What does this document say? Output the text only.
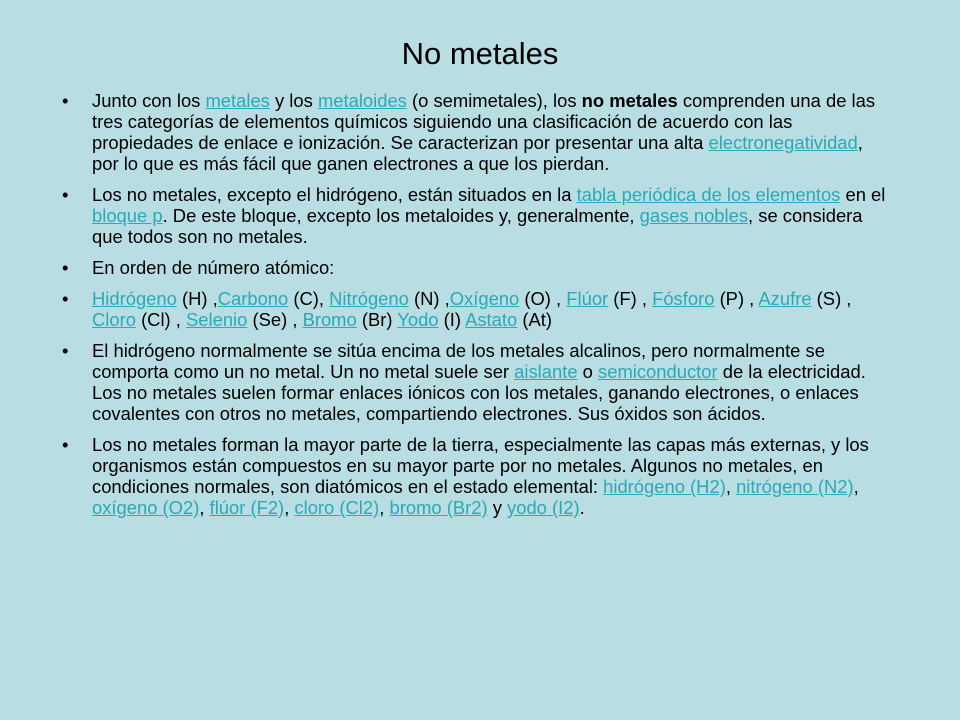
No metales
• Junto con los metales y los metaloides (o semimetales), los no metales comprenden una de las tres categorías de elementos químicos siguiendo una clasificación de acuerdo con las propiedades de enlace e ionización. Se caracterizan por presentar una alta electronegatividad, por lo que es más fácil que ganen electrones a que los pierdan.
• Los no metales, excepto el hidrógeno, están situados en la tabla periódica de los elementos en el bloque p. De este bloque, excepto los metaloides y, generalmente, gases nobles, se considera que todos son no metales.
• En orden de número atómico:
• Hidrógeno (H) ,Carbono (C), Nitrógeno (N) ,Oxígeno (O) , Flúor (F) , Fósforo (P) , Azufre (S) , Cloro (Cl) , Selenio (Se) , Bromo (Br) Yodo (I) Astato (At)
• El hidrógeno normalmente se sitúa encima de los metales alcalinos, pero normalmente se comporta como un no metal. Un no metal suele ser aislante o semiconductor de la electricidad. Los no metales suelen formar enlaces iónicos con los metales, ganando electrones, o enlaces covalentes con otros no metales, compartiendo electrones. Sus óxidos son ácidos.
• Los no metales forman la mayor parte de la tierra, especialmente las capas más externas, y los organismos están compuestos en su mayor parte por no metales. Algunos no metales, en condiciones normales, son diatómicos en el estado elemental: hidrógeno (H2), nitrógeno (N2), oxígeno (O2), flúor (F2), cloro (Cl2), bromo (Br2) y yodo (I2).
